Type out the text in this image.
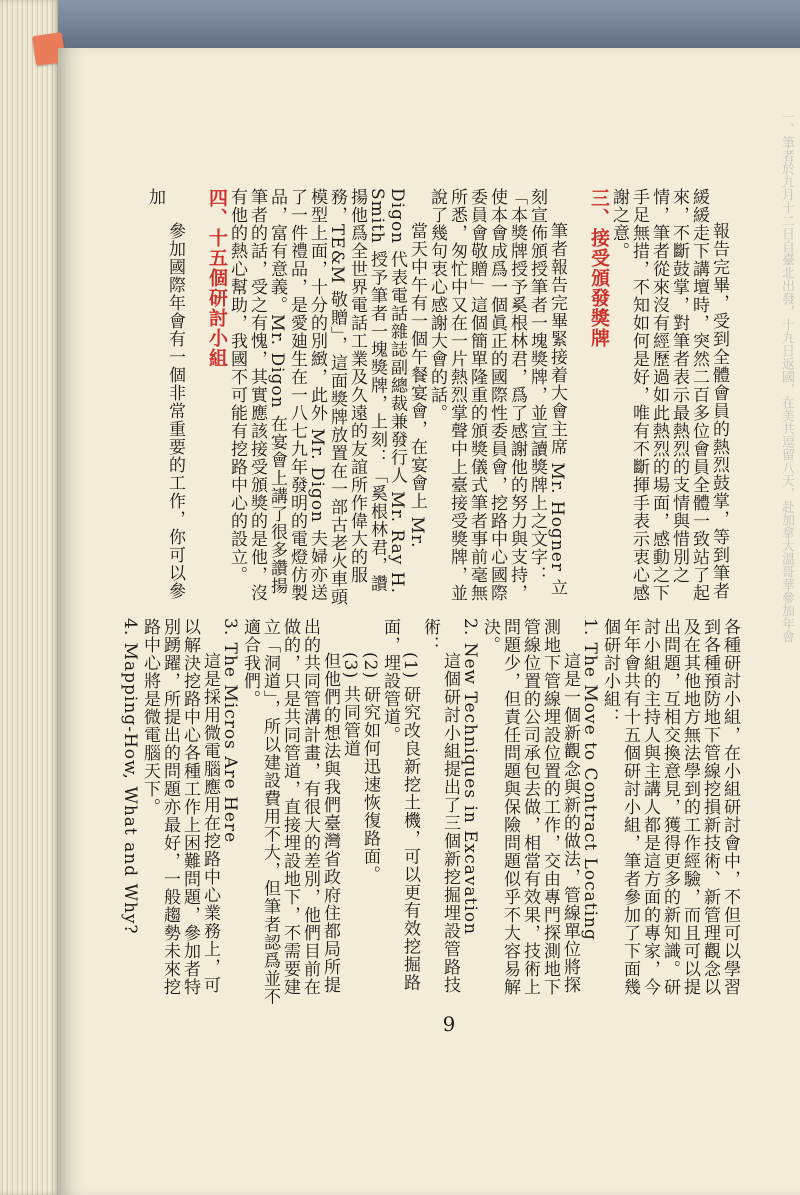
一、筆者於九月十二日自臺北出發，十九日返國，在美共逗留八天，赴加拿大溫哥華參加年會

報告完畢，受到全體會員的熱烈鼓掌，等到筆者緩緩走下講壇時，突然二百多位會員全體一致站了起來，不斷鼓掌，對筆者表示最熱烈的支情與惜別之情，筆者從來沒有經歷過如此熱烈的場面，感動之下手足無措，不知如何是好，唯有不斷揮手表示衷心感謝之意。

三、接受頒發獎牌

筆者報告完畢緊接着大會主席 Mr. Hogner 立刻宣佈頒授筆者一塊獎牌，並宣讀獎牌上之文字：「本獎牌授予奚根林君，爲了感謝他的努力與支持，使本會成爲一個眞正的國際性委員會，挖路中心國際委員會敬贈」這個簡單隆重的頒獎儀式筆者事前毫無所悉，匆忙中又在一片熱烈掌聲中上臺接受獎牌，並說了幾句衷心感謝大會的話。

當天中午有一個午餐宴會，在宴會上 Mr. Digon 代表電話雜誌副總裁兼發行人 Mr. Ray H. Smith 授予筆者一塊獎牌，上刻：「奚根林君，讚揚他爲全世界電話工業及久遠的友誼所作偉大的服務，TE&M 敬贈」，這面獎牌放置在一部古老火車頭模型上面，十分的別緻，此外 Mr. Digon 夫婦亦送了一件禮品，是愛廸生在一八七九年發明的電燈仿製品，富有意義。Mr. Digon 在宴會上講了很多讚揚筆者的話，受之有愧，其實應該接受頒獎的是他，沒有他的熱心幫助，我國不可能有挖路中心的設立。

四、十五個研討小組

參加國際年會有一個非常重要的工作，你可以參加

各種研討小組，在小組研討會中，不但可以學習到各種預防地下管線挖損新技術、新管理觀念以及在其他地方無法學到的工作經驗，而且可以提出問題，互相交換意見，獲得更多的新知識。研討小組的主持人與主講人都是這方面的專家，今年年會共有十五個研討小組，筆者參加了下面幾個研討小組：

1. The Move to Contract Locating

這是一個新觀念與新的做法，管線單位將探測地下管線埋設位置的工作，交由專門探測地下管線位置的公司承包去做，相當有效果，技術上問題少，但責任問題與保險問題似乎不大容易解決。

2. New Techniques in Excavation

這個研討小組提出了三個新挖掘埋設管路技術：

(1) 研究改良新挖土機，可以更有效挖掘路面，埋設管道。

(2) 研究如何迅速恢復路面。

(3) 共同管道

但他們的想法與我們臺灣省政府住都局所提出的共同管溝計畫，有很大的差別，他們目前在做的，只是共同管道，直接埋設地下，不需要建立「洞道」，所以建設費用不大，但筆者認爲並不適合我們。

3. The Micros Are Here

這是採用微電腦應用在挖路中心業務上，可以解決挖路中心各種工作上困難問題，參加者特別踴躍，所提出的問題亦最好，一般趨勢未來挖路中心將是微電腦天下。

4. Mapping-How, What and Why?

9
